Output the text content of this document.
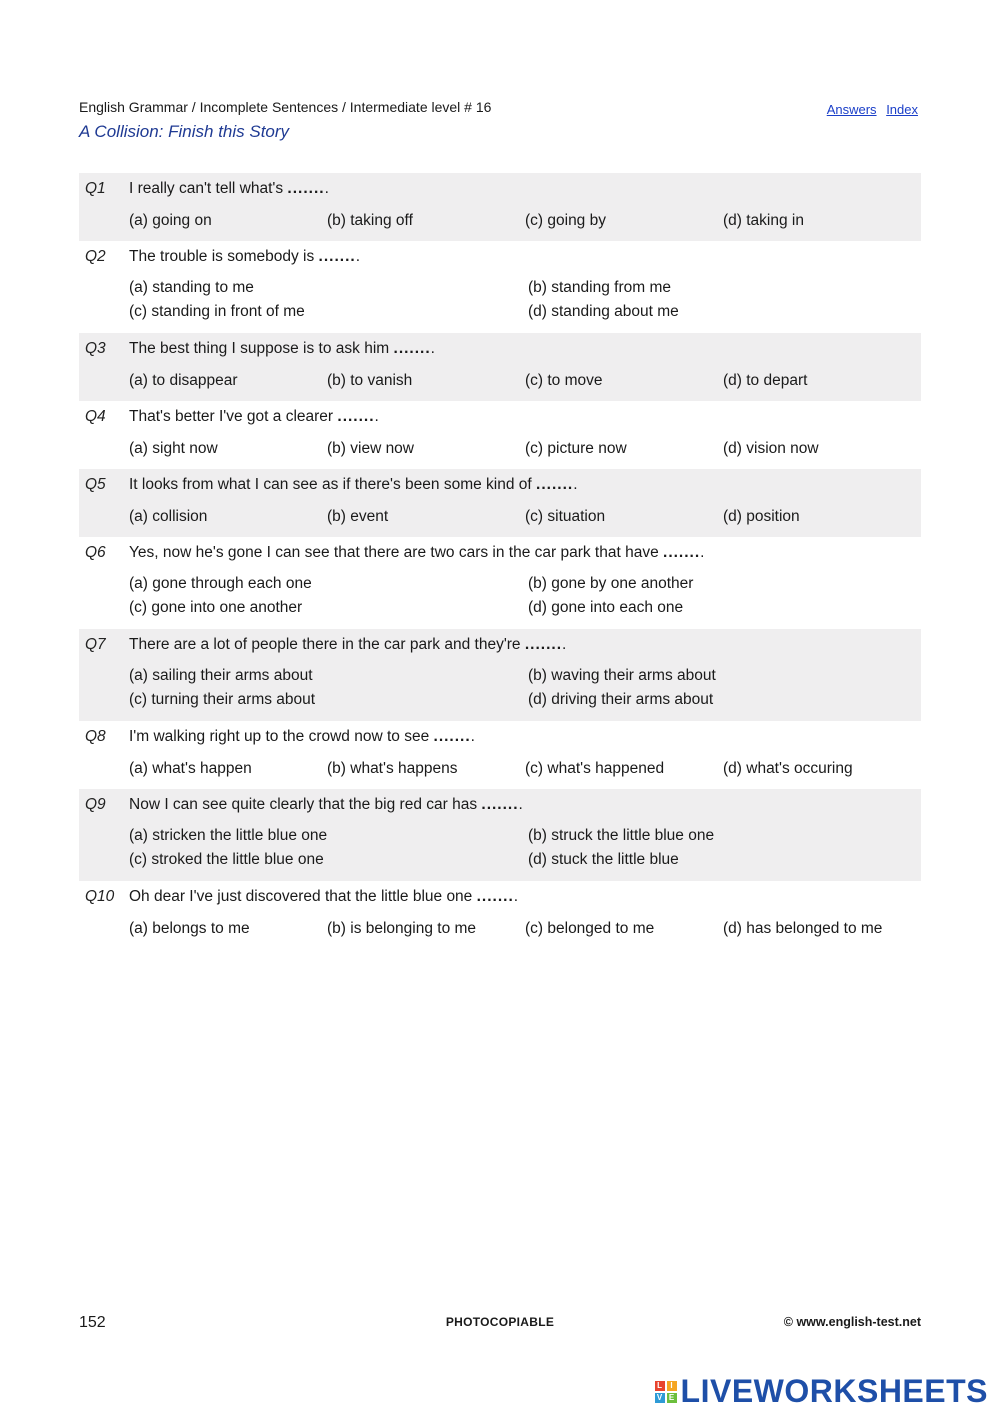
English Grammar / Incomplete Sentences / Intermediate level # 16
A Collision: Finish this Story
Answers Index
Q1	I really can't tell what's ........
(a) going on	(b) taking off	(c) going by	(d) taking in
Q2	The trouble is somebody is ........
(a) standing to me	(b) standing from me
(c) standing in front of me	(d) standing about me
Q3	The best thing I suppose is to ask him ........
(a) to disappear	(b) to vanish	(c) to move	(d) to depart
Q4	That's better I've got a clearer ........
(a) sight now	(b) view now	(c) picture now	(d) vision now
Q5	It looks from what I can see as if there's been some kind of ........
(a) collision	(b) event	(c) situation	(d) position
Q6	Yes, now he's gone I can see that there are two cars in the car park that have ........
(a) gone through each one	(b) gone by one another
(c) gone into one another	(d) gone into each one
Q7	There are a lot of people there in the car park and they're ........
(a) sailing their arms about	(b) waving their arms about
(c) turning their arms about	(d) driving their arms about
Q8	I'm walking right up to the crowd now to see ........
(a) what's happen	(b) what's happens	(c) what's happened	(d) what's occuring
Q9	Now I can see quite clearly that the big red car has ........
(a) stricken the little blue one	(b) struck the little blue one
(c) stroked the little blue one	(d) stuck the little blue
Q10 Oh dear I've just discovered that the little blue one ........
(a) belongs to me	(b) is belonging to me	(c) belonged to me	(d) has belonged to me
152	PHOTOCOPIABLE	© www.english-test.net
L	I
V E LIVEWORKSHEETS
